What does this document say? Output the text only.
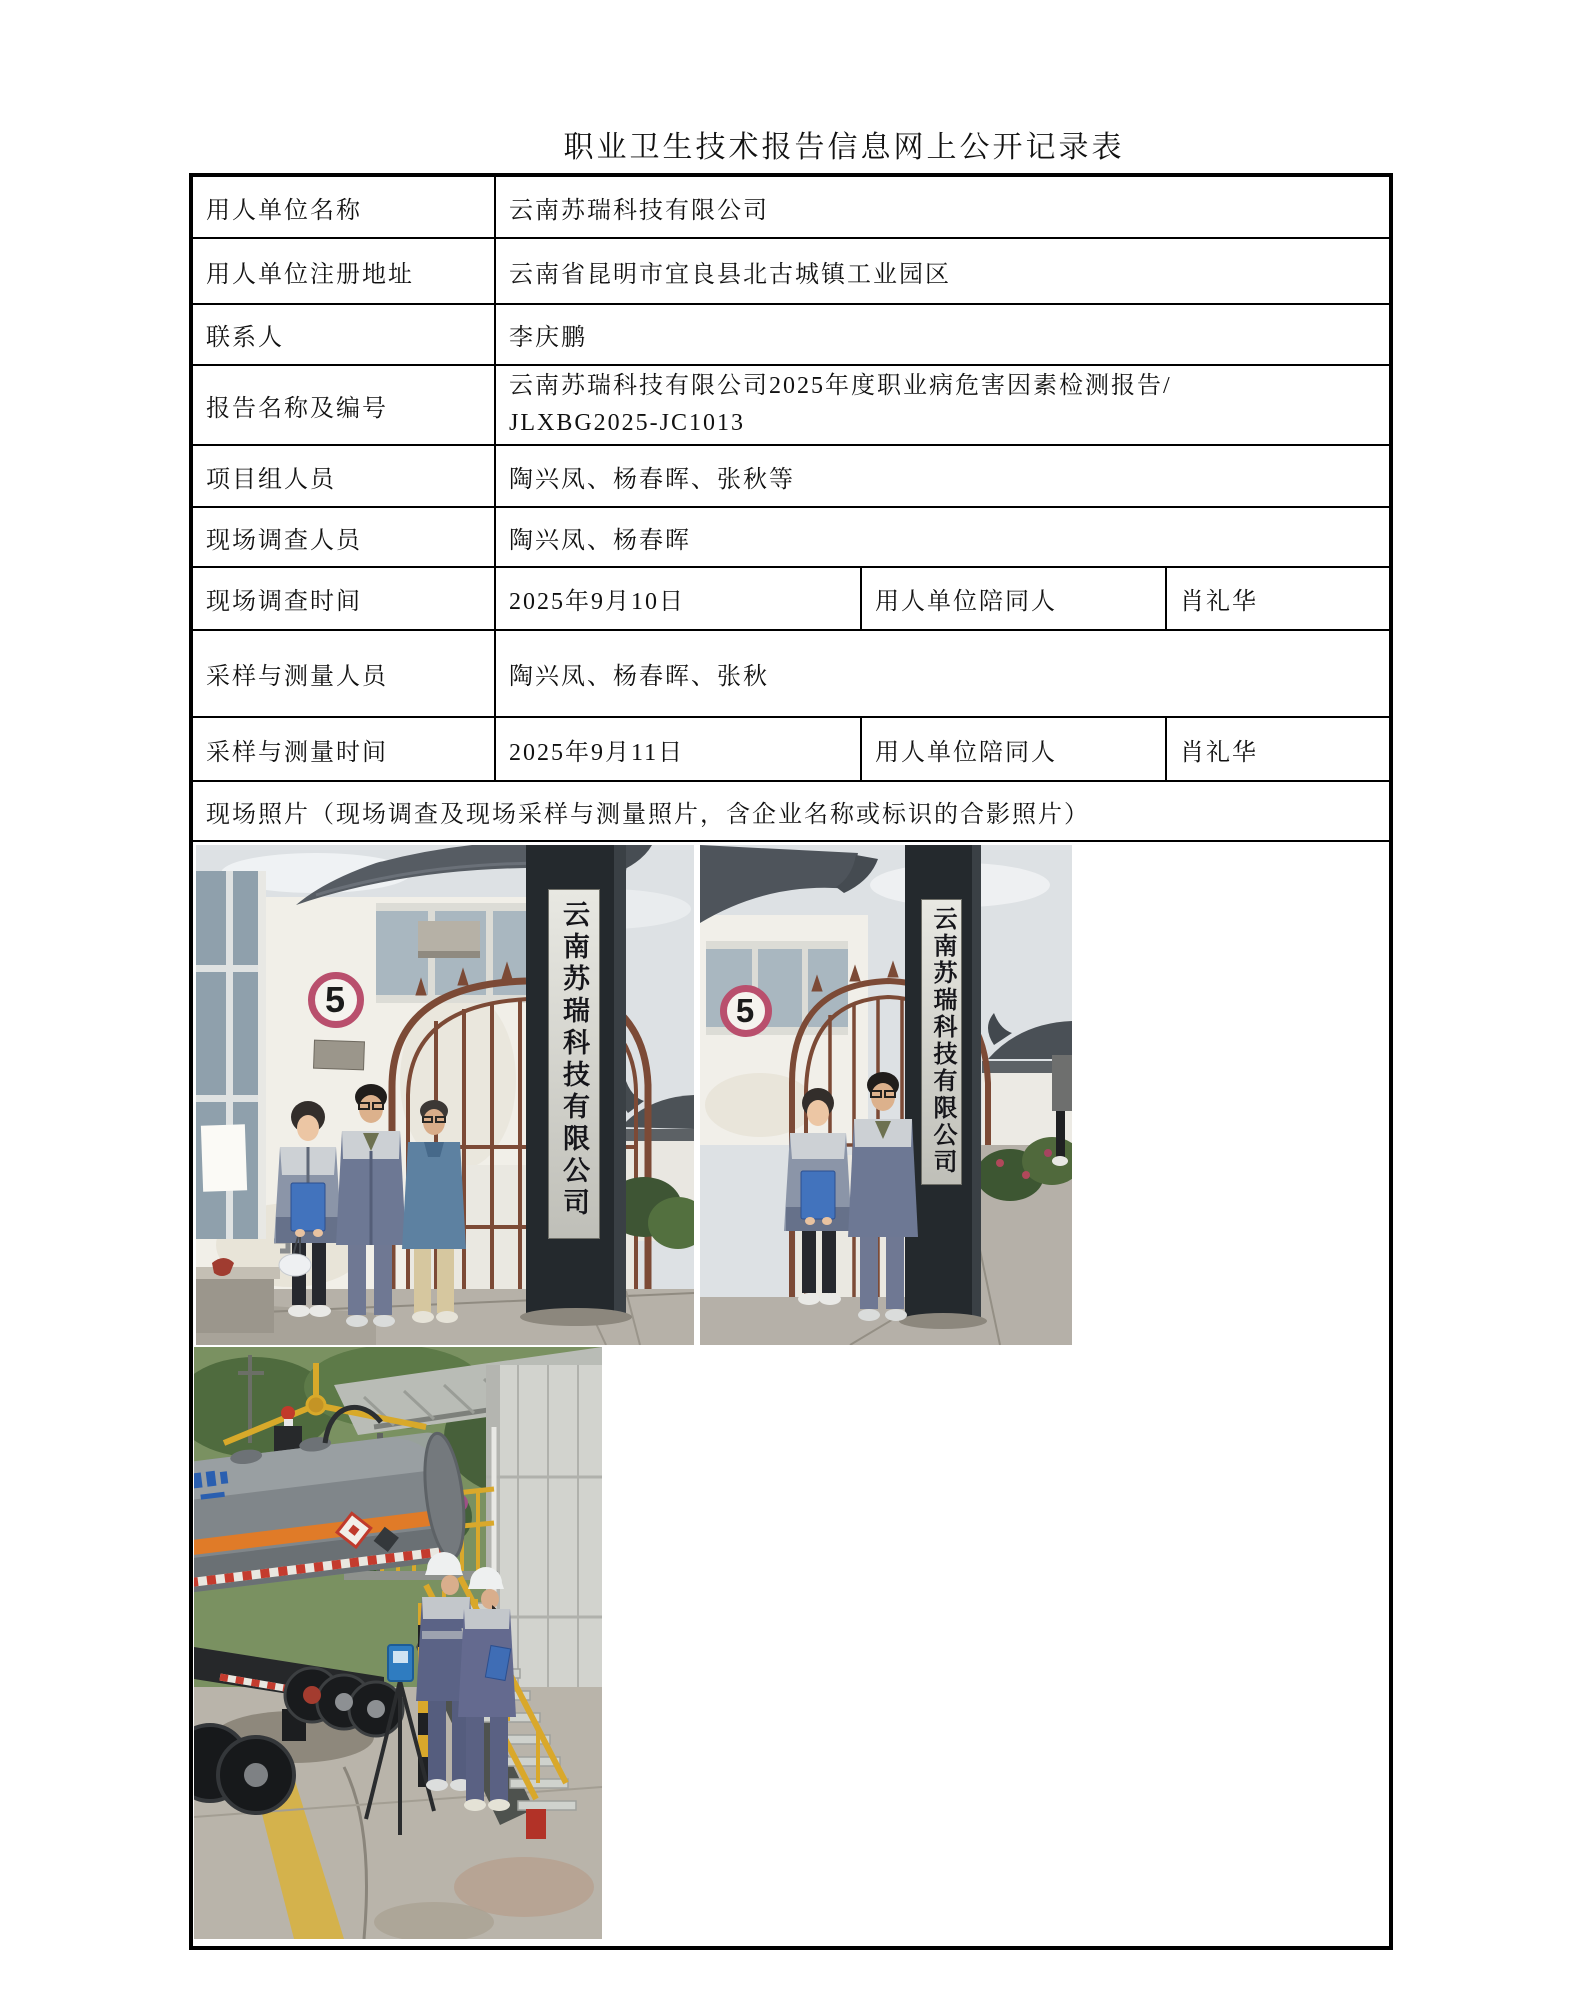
职业卫生技术报告信息网上公开记录表
用人单位名称	云南苏瑞科技有限公司		
用人单位注册地址	云南省昆明市宜良县北古城镇工业园区		
联系人	李庆鹏		
报告名称及编号	云南苏瑞科技有限公司2025年度职业病危害因素检测报告/
JLXBG2025-JC1013		

项目组人员	陶兴凤、杨春晖、张秋等		
现场调查人员	陶兴凤、杨春晖		
现场调查时间	2025年9月10日	用人单位陪同人	肖礼华
采样与测量人员	陶兴凤、杨春晖、张秋		
采样与测量时间	2025年9月11日	用人单位陪同人	肖礼华
现场照片（现场调查及现场采样与测量照片，含企业名称或标识的合影照片）			

5 云南苏瑞科技有限公司 5 云南苏瑞科技有限公司			
